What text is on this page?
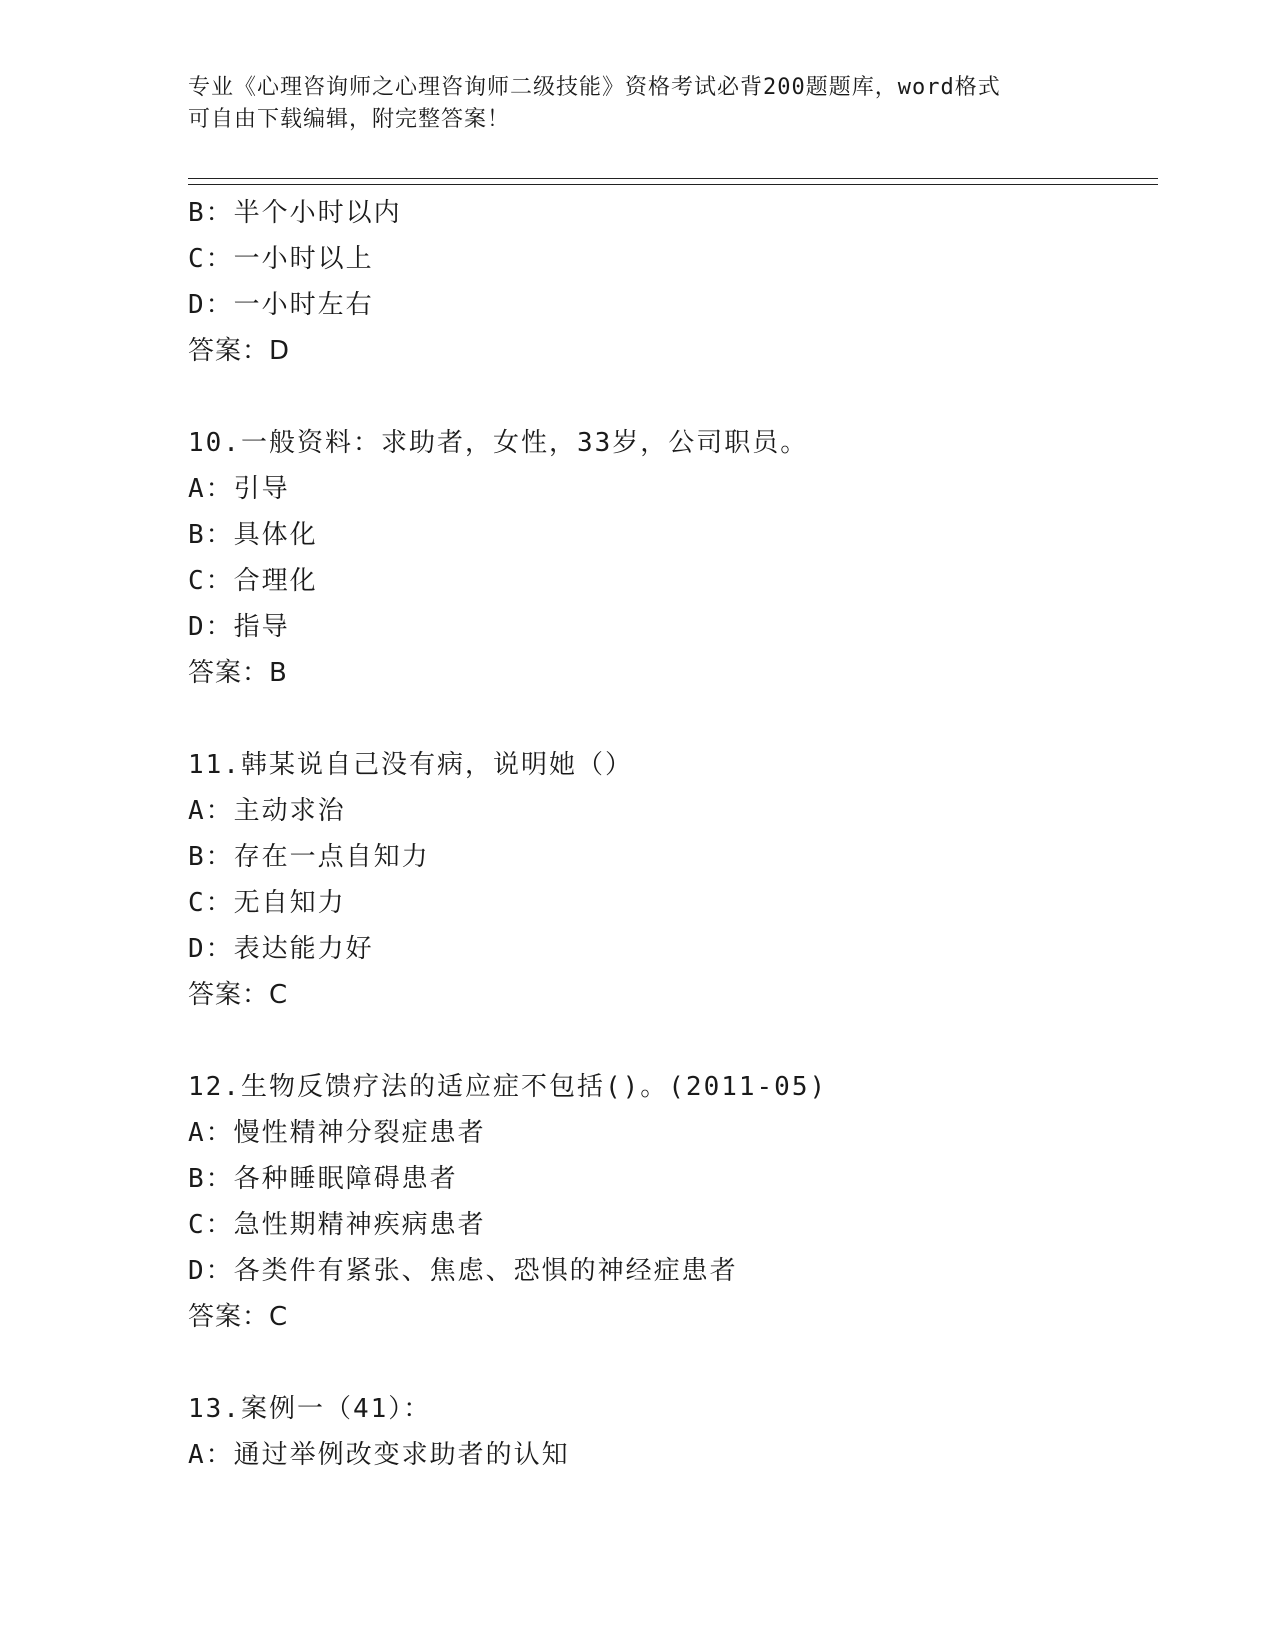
专业《心理咨询师之心理咨询师二级技能》资格考试必背200题题库，word格式
可自由下载编辑，附完整答案！
B：半个小时以内
C：一小时以上
D：一小时左右
答案：D
10.一般资料：求助者，女性，33岁，公司职员。
A：引导
B：具体化
C：合理化
D：指导
答案：B
11.韩某说自己没有病，说明她（）
A：主动求治
B：存在一点自知力
C：无自知力
D：表达能力好
答案：C
12.生物反馈疗法的适应症不包括()。(2011-05)
A：慢性精神分裂症患者
B：各种睡眠障碍患者
C：急性期精神疾病患者
D：各类件有紧张、焦虑、恐惧的神经症患者
答案：C
13.案例一（41）：
A：通过举例改变求助者的认知
